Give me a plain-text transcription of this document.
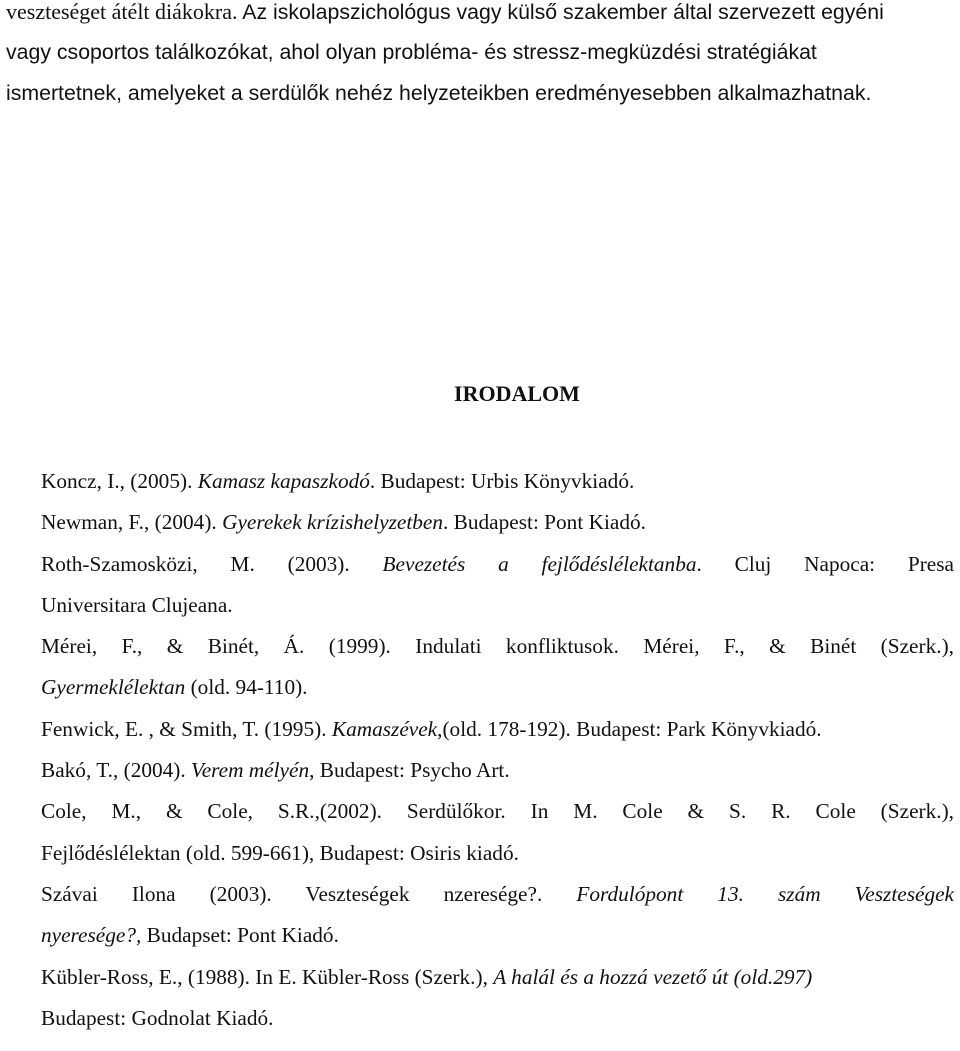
veszteséget átélt diákokra. Az iskolapszichológus vagy külső szakember által szervezett egyéni
vagy csoportos találkozókat, ahol olyan probléma- és stressz-megküzdési stratégiákat
ismertetnek, amelyeket a serdülők nehéz helyzeteikben eredményesebben alkalmazhatnak.
IRODALOM
Koncz, I., (2005). Kamasz kapaszkodó. Budapest: Urbis Könyvkiadó.
Newman, F., (2004). Gyerekek krízishelyzetben. Budapest: Pont Kiadó.
Roth-Szamosközi, M. (2003). Bevezetés a fejlődéslélektanba. Cluj Napoca: Presa
Universitara Clujeana.
Mérei, F., & Binét, Á. (1999). Indulati konfliktusok. Mérei, F., & Binét (Szerk.),
Gyermeklélektan (old. 94-110).
Fenwick, E. , & Smith, T. (1995). Kamaszévek,(old. 178-192). Budapest: Park Könyvkiadó.
Bakó, T., (2004). Verem mélyén, Budapest: Psycho Art.
Cole, M., & Cole, S.R.,(2002). Serdülőkor. In M. Cole & S. R. Cole (Szerk.),
Fejlődéslélektan (old. 599-661), Budapest: Osiris kiadó.
Szávai Ilona (2003). Veszteségek nzeresége?. Fordulópont 13. szám Veszteségek
nyeresége?, Budapset: Pont Kiadó.
Kübler-Ross, E., (1988). In E. Kübler-Ross (Szerk.), A halál és a hozzá vezető út (old.297)
Budapest: Godnolat Kiadó.
